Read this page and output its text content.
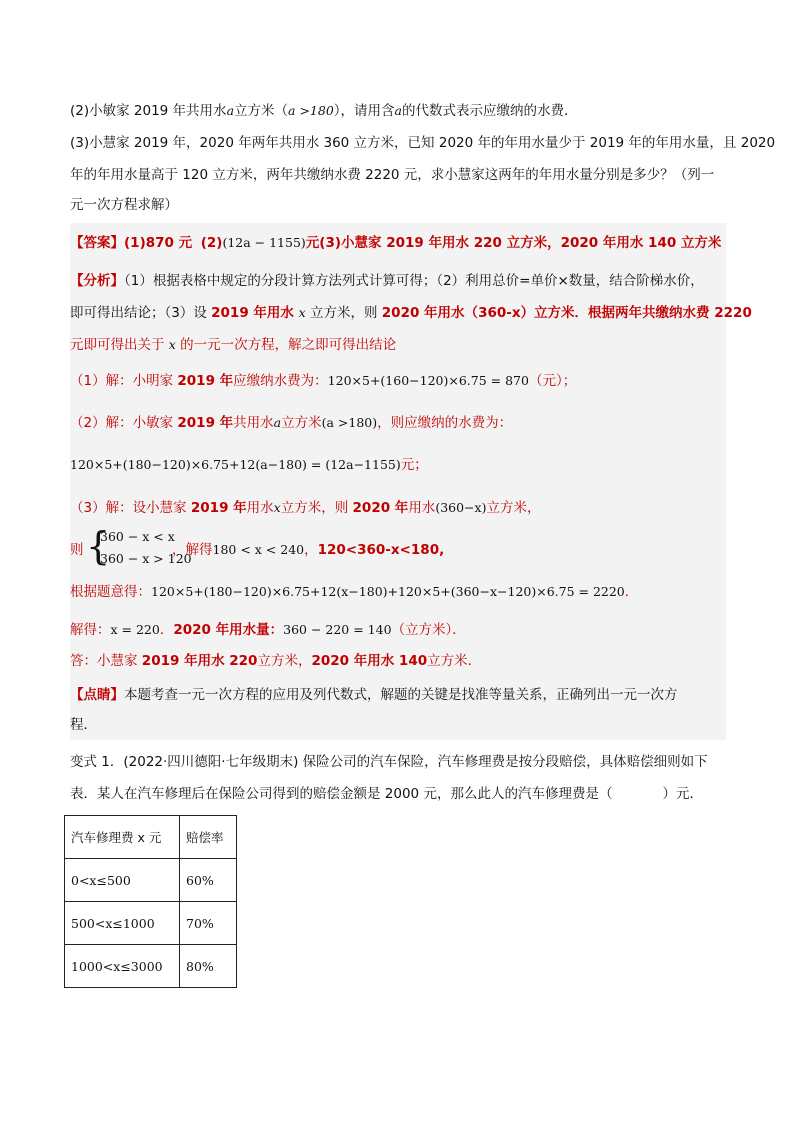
(2)小敏家 2019 年共用水a立方米（a >180），请用含a的代数式表示应缴纳的水费．
(3)小慧家 2019 年，2020 年两年共用水 360 立方米，已知 2020 年的年用水量少于 2019 年的年用水量，且 2020
年的年用水量高于 120 立方米，两年共缴纳水费 2220 元，求小慧家这两年的年用水量分别是多少？（列一
元一次方程求解）
【答案】(1)870 元 (2)(12a − 1155)元(3)小慧家 2019 年用水 220 立方米，2020 年用水 140 立方米
【分析】（1）根据表格中规定的分段计算方法列式计算可得；（2）利用总价=单价×数量，结合阶梯水价，
即可得出结论；（3）设 2019 年用水 x 立方米，则 2020 年用水（360-x）立方米．根据两年共缴纳水费 2220
元即可得出关于 x 的一元一次方程，解之即可得出结论
（1）解：小明家 2019 年应缴纳水费为：120×5+(160−120)×6.75 = 870（元）；
（2）解：小敏家 2019 年共用水a立方米(a >180)，则应缴纳的水费为：
120×5+(180−120)×6.75+12(a−180) = (12a−1155)元；
（3）解：设小慧家 2019 年用水x立方米，则 2020 年用水(360−x)立方米，
则 {
360 − x < x
360 − x > 120
，解得180 < x < 240，120<360-x<180,
根据题意得：120×5+(180−120)×6.75+12(x−180)+120×5+(360−x−120)×6.75 = 2220．
解得：x = 220．2020 年用水量：360 − 220 = 140（立方米）．
答：小慧家 2019 年用水 220立方米，2020 年用水 140立方米．
【点睛】本题考查一元一次方程的应用及列代数式，解题的关键是找准等量关系，正确列出一元一次方
程．
变式 1．(2022·四川德阳·七年级期末) 保险公司的汽车保险，汽车修理费是按分段赔偿，具体赔偿细则如下
表．某人在汽车修理后在保险公司得到的赔偿金额是 2000 元，那么此人的汽车修理费是（	）元．
汽车修理费 x 元	赔偿率
0<x≤500	60%
500<x≤1000	70%
1000<x≤3000	80%
